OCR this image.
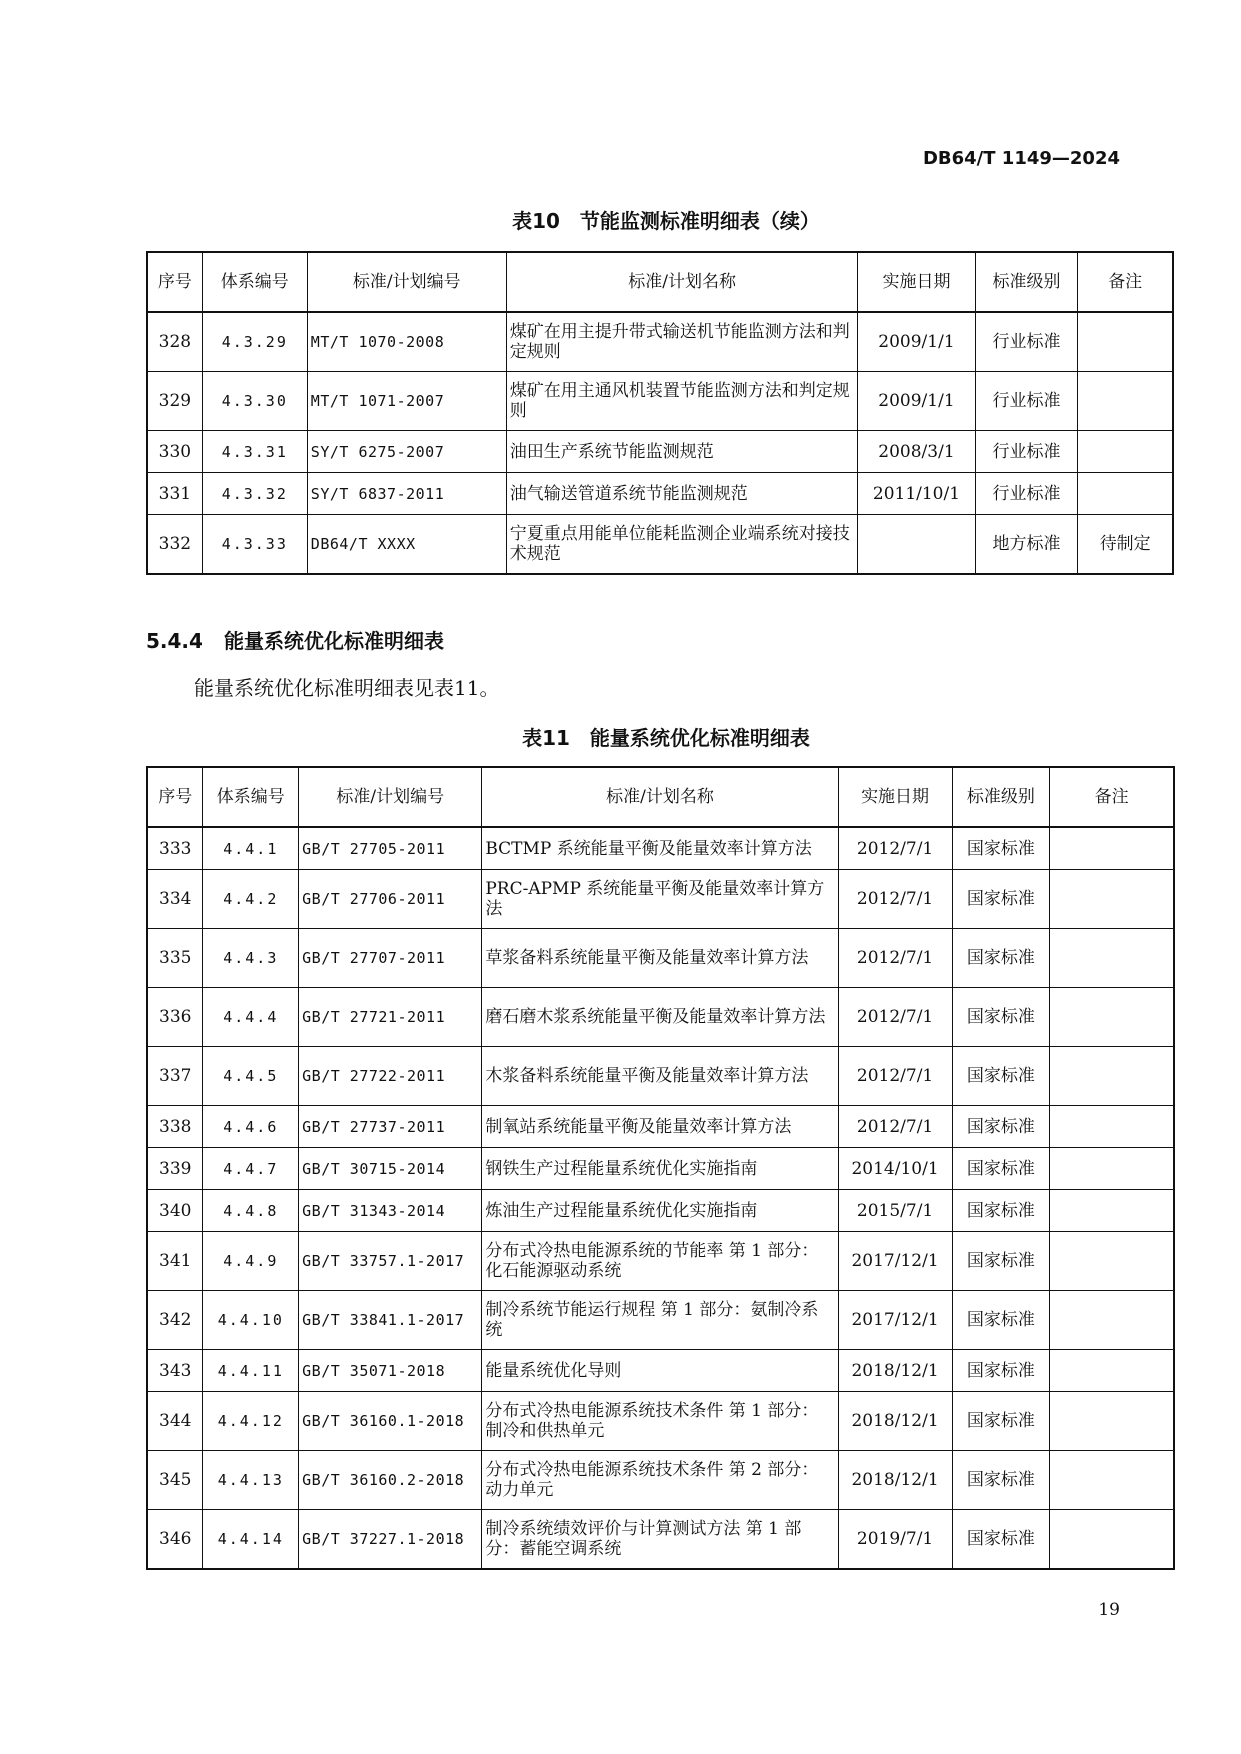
DB64/T 1149—2024
表10　节能监测标准明细表（续）
序号	体系编号	标准/计划编号	标准/计划名称	实施日期	标准级别	备注
328	4.3.29	MT/T 1070-2008	煤矿在用主提升带式输送机节能监测方法和判定规则	2009/1/1	行业标准	
329	4.3.30	MT/T 1071-2007	煤矿在用主通风机装置节能监测方法和判定规则	2009/1/1	行业标准	
330	4.3.31	SY/T 6275-2007	油田生产系统节能监测规范	2008/3/1	行业标准	
331	4.3.32	SY/T 6837-2011	油气输送管道系统节能监测规范	2011/10/1	行业标准	
332	4.3.33	DB64/T XXXX	宁夏重点用能单位能耗监测企业端系统对接技术规范		地方标准	待制定
5.4.4 能量系统优化标准明细表
能量系统优化标准明细表见表11。
表11　能量系统优化标准明细表
序号	体系编号	标准/计划编号	标准/计划名称	实施日期	标准级别	备注
333	4.4.1	GB/T 27705-2011	BCTMP 系统能量平衡及能量效率计算方法	2012/7/1	国家标准	
334	4.4.2	GB/T 27706-2011	PRC-APMP 系统能量平衡及能量效率计算方法	2012/7/1	国家标准	
335	4.4.3	GB/T 27707-2011	草浆备料系统能量平衡及能量效率计算方法	2012/7/1	国家标准	
336	4.4.4	GB/T 27721-2011	磨石磨木浆系统能量平衡及能量效率计算方法	2012/7/1	国家标准	
337	4.4.5	GB/T 27722-2011	木浆备料系统能量平衡及能量效率计算方法	2012/7/1	国家标准	
338	4.4.6	GB/T 27737-2011	制氧站系统能量平衡及能量效率计算方法	2012/7/1	国家标准	
339	4.4.7	GB/T 30715-2014	钢铁生产过程能量系统优化实施指南	2014/10/1	国家标准	
340	4.4.8	GB/T 31343-2014	炼油生产过程能量系统优化实施指南	2015/7/1	国家标准	
341	4.4.9	GB/T 33757.1-2017	分布式冷热电能源系统的节能率 第 1 部分：化石能源驱动系统	2017/12/1	国家标准	
342	4.4.10	GB/T 33841.1-2017	制冷系统节能运行规程 第 1 部分：氨制冷系统	2017/12/1	国家标准	
343	4.4.11	GB/T 35071-2018	能量系统优化导则	2018/12/1	国家标准	
344	4.4.12	GB/T 36160.1-2018	分布式冷热电能源系统技术条件 第 1 部分：制冷和供热单元	2018/12/1	国家标准	
345	4.4.13	GB/T 36160.2-2018	分布式冷热电能源系统技术条件 第 2 部分：动力单元	2018/12/1	国家标准	
346	4.4.14	GB/T 37227.1-2018	制冷系统绩效评价与计算测试方法 第 1 部分：蓄能空调系统	2019/7/1	国家标准	
19
